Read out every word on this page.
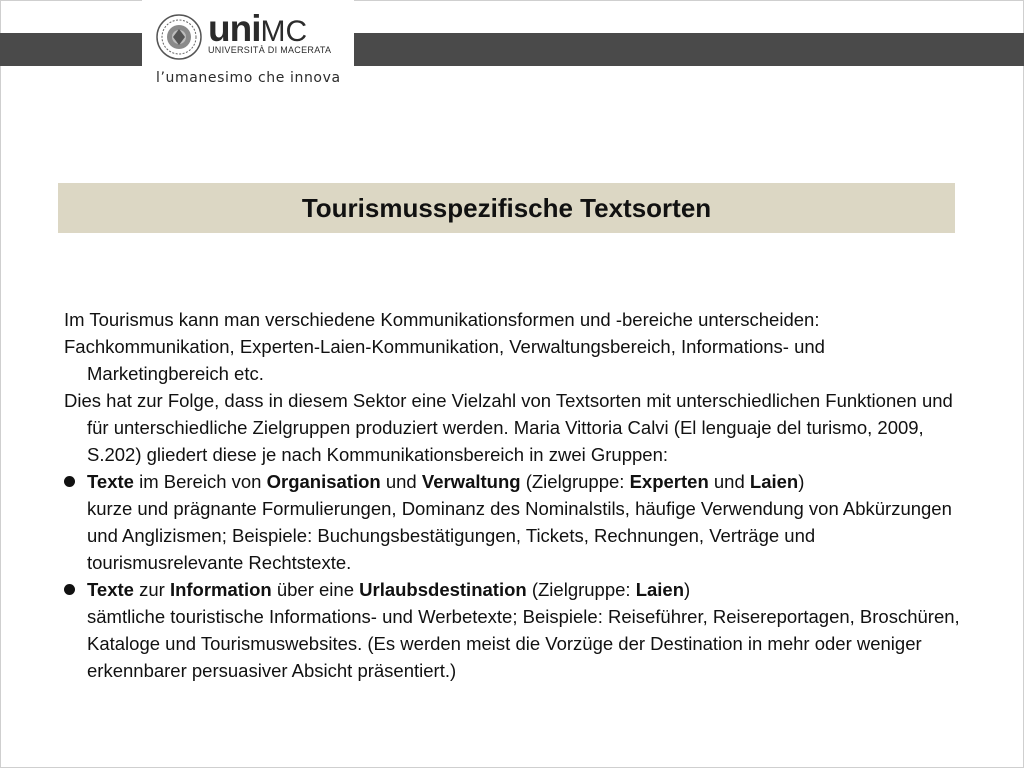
uniMC
UNIVERSITÀ DI MACERATA
l’umanesimo che innova
Tourismusspezifische Textsorten

Im Tourismus kann man verschiedene Kommunikationsformen und -bereiche unterscheiden:

Fachkommunikation, Experten-Laien-Kommunikation, Verwaltungsbereich, Informations- und Marketingbereich etc.

Dies hat zur Folge, dass in diesem Sektor eine Vielzahl von Textsorten mit unterschiedlichen Funktionen und für unterschiedliche Zielgruppen produziert werden. Maria Vittoria Calvi (El lenguaje del turismo, 2009, S.202) gliedert diese je nach Kommunikationsbereich in zwei Gruppen:

Texte im Bereich von Organisation und Verwaltung (Zielgruppe: Experten und Laien)
kurze und prägnante Formulierungen, Dominanz des Nominalstils, häufige Verwendung von Abkürzungen und Anglizismen; Beispiele: Buchungsbestätigungen, Tickets, Rechnungen, Verträge und tourismusrelevante Rechtstexte.
Texte zur Information über eine Urlaubsdestination (Zielgruppe: Laien)
sämtliche touristische Informations- und Werbetexte; Beispiele: Reiseführer, Reisereportagen, Broschüren, Kataloge und Tourismuswebsites. (Es werden meist die Vorzüge der Destination in mehr oder weniger erkennbarer persuasiver Absicht präsentiert.)
